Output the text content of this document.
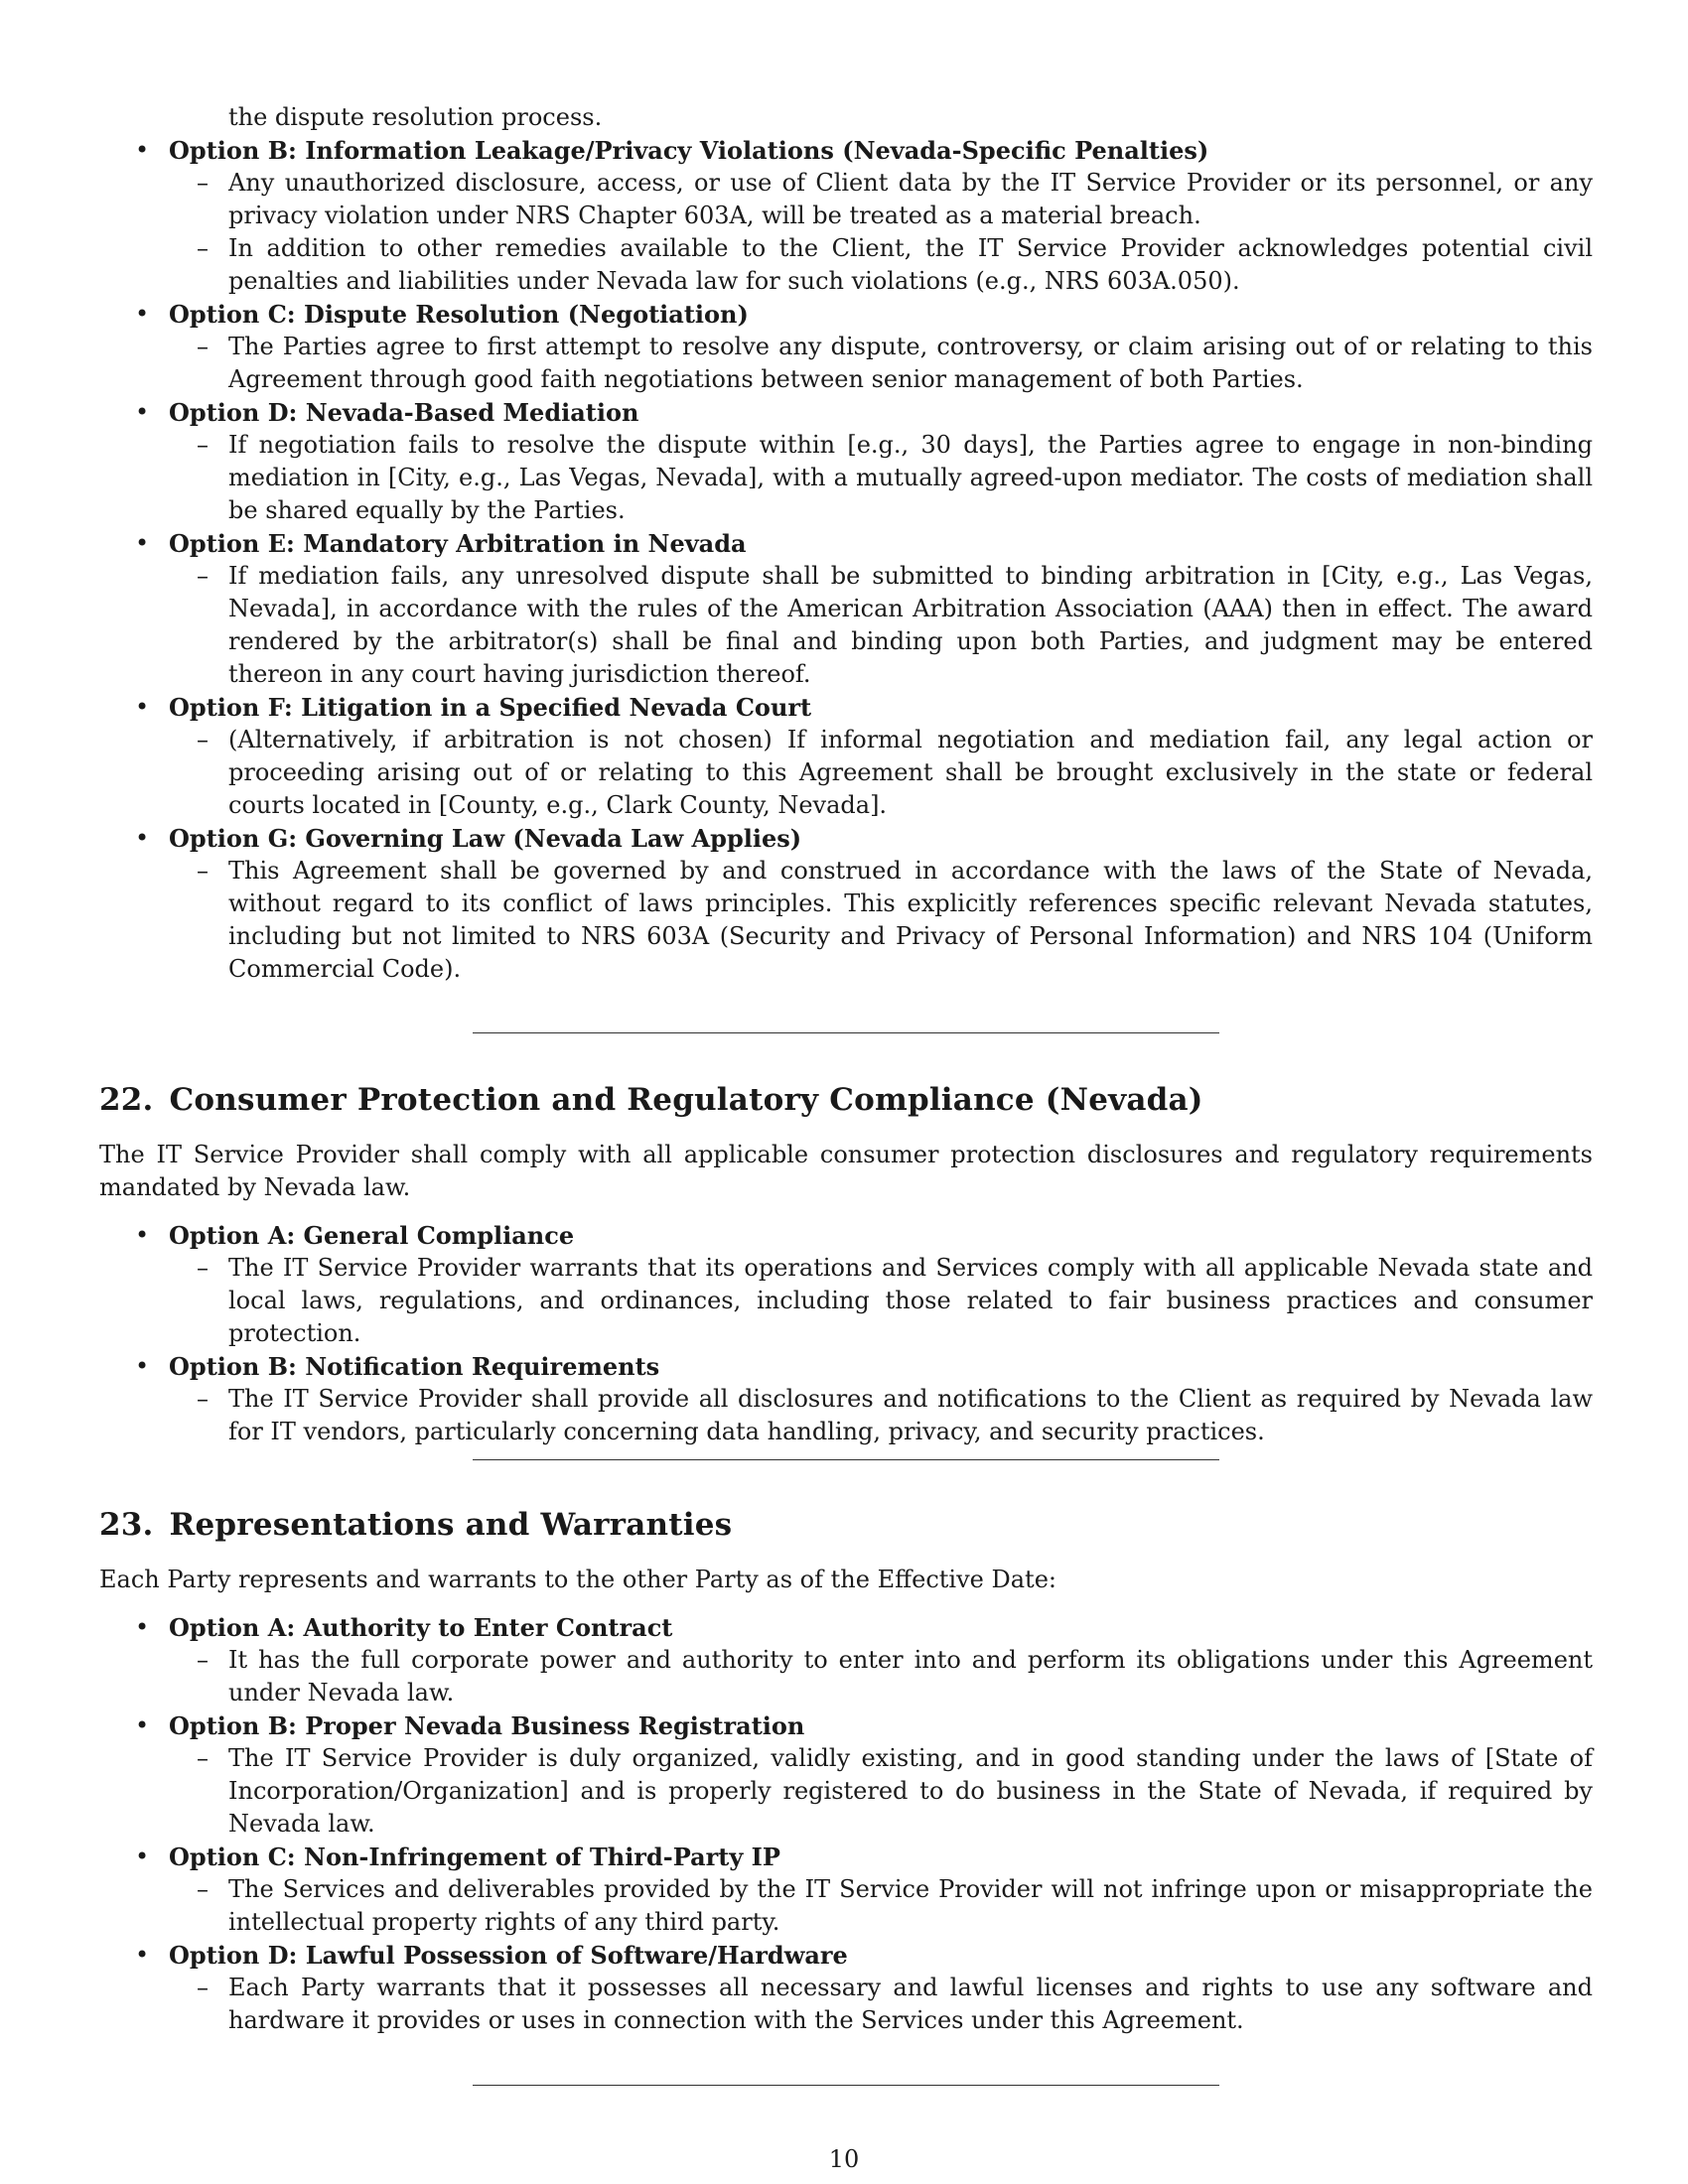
the dispute resolution process.
• Option B: Information Leakage/Privacy Violations (Nevada-Specific Penalties)
– Any unauthorized disclosure, access, or use of Client data by the IT Service Provider or its personnel, or any privacy violation under NRS Chapter 603A, will be treated as a material breach.
– In addition to other remedies available to the Client, the IT Service Provider acknowledges potential civil penalties and liabilities under Nevada law for such violations (e.g., NRS 603A.050).
• Option C: Dispute Resolution (Negotiation)
– The Parties agree to first attempt to resolve any dispute, controversy, or claim arising out of or relating to this Agreement through good faith negotiations between senior management of both Parties.
• Option D: Nevada-Based Mediation
– If negotiation fails to resolve the dispute within [e.g., 30 days], the Parties agree to engage in non-binding mediation in [City, e.g., Las Vegas, Nevada], with a mutually agreed-upon mediator. The costs of mediation shall be shared equally by the Parties.
• Option E: Mandatory Arbitration in Nevada
– If mediation fails, any unresolved dispute shall be submitted to binding arbitration in [City, e.g., Las Vegas, Nevada], in accordance with the rules of the American Arbitration Association (AAA) then in effect. The award rendered by the arbitrator(s) shall be final and binding upon both Parties, and judgment may be entered thereon in any court having jurisdiction thereof.
• Option F: Litigation in a Specified Nevada Court
– (Alternatively, if arbitration is not chosen) If informal negotiation and mediation fail, any legal action or proceeding arising out of or relating to this Agreement shall be brought exclusively in the state or federal courts located in [County, e.g., Clark County, Nevada].
• Option G: Governing Law (Nevada Law Applies)
– This Agreement shall be governed by and construed in accordance with the laws of the State of Nevada, without regard to its conflict of laws principles. This explicitly references specific relevant Nevada statutes, including but not limited to NRS 603A (Security and Privacy of Personal Information) and NRS 104 (Uniform Commercial Code).
22. Consumer Protection and Regulatory Compliance (Nevada)
The IT Service Provider shall comply with all applicable consumer protection disclosures and regulatory requirements mandated by Nevada law.
• Option A: General Compliance
– The IT Service Provider warrants that its operations and Services comply with all applicable Nevada state and local laws, regulations, and ordinances, including those related to fair business practices and consumer protection.
• Option B: Notification Requirements
– The IT Service Provider shall provide all disclosures and notifications to the Client as required by Nevada law for IT vendors, particularly concerning data handling, privacy, and security practices.
23. Representations and Warranties
Each Party represents and warrants to the other Party as of the Effective Date:
• Option A: Authority to Enter Contract
– It has the full corporate power and authority to enter into and perform its obligations under this Agreement under Nevada law.
• Option B: Proper Nevada Business Registration
– The IT Service Provider is duly organized, validly existing, and in good standing under the laws of [State of Incorporation/Organization] and is properly registered to do business in the State of Nevada, if required by Nevada law.
• Option C: Non-Infringement of Third-Party IP
– The Services and deliverables provided by the IT Service Provider will not infringe upon or misappropriate the intellectual property rights of any third party.
• Option D: Lawful Possession of Software/Hardware
– Each Party warrants that it possesses all necessary and lawful licenses and rights to use any software and hardware it provides or uses in connection with the Services under this Agreement.
10
